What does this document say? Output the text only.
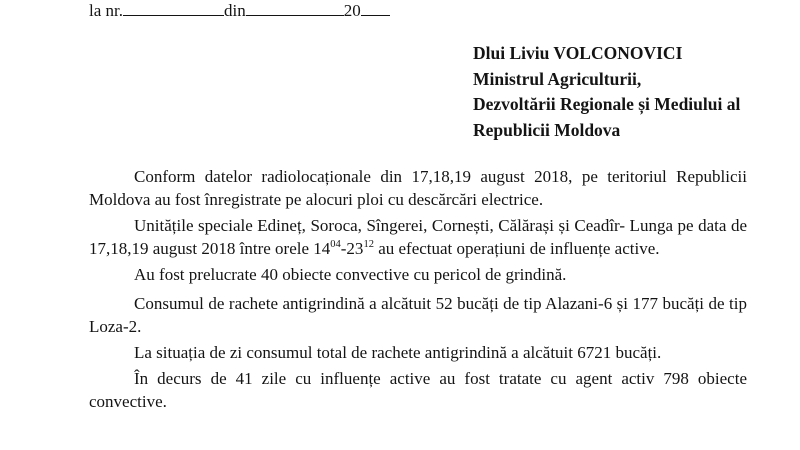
la nr.	din	20
Dlui Liviu VOLCONOVICI
Ministrul Agriculturii,
Dezvoltării Regionale și Mediului al
Republicii Moldova

Conform datelor radiolocaționale din 17,18,19 august 2018, pe teritoriul Republicii Moldova au fost înregistrate pe alocuri ploi cu descărcări electrice.

Unitățile speciale Edineț, Soroca, Sîngerei, Cornești, Călărași și Ceadîr- Lunga pe data de 17,18,19 august 2018 între orele $14^{04}-23^{12}$ au efectuat operațiuni de influențe active.

Au fost prelucrate 40 obiecte convective cu pericol de grindină.

Consumul de rachete antigrindină a alcătuit 52 bucăți de tip Alazani-6 și 177 bucăți de tip Loza-2.

La situația de zi consumul total de rachete antigrindină a alcătuit 6721 bucăți.

În decurs de 41 zile cu influențe active au fost tratate cu agent activ 798 obiecte convective.
